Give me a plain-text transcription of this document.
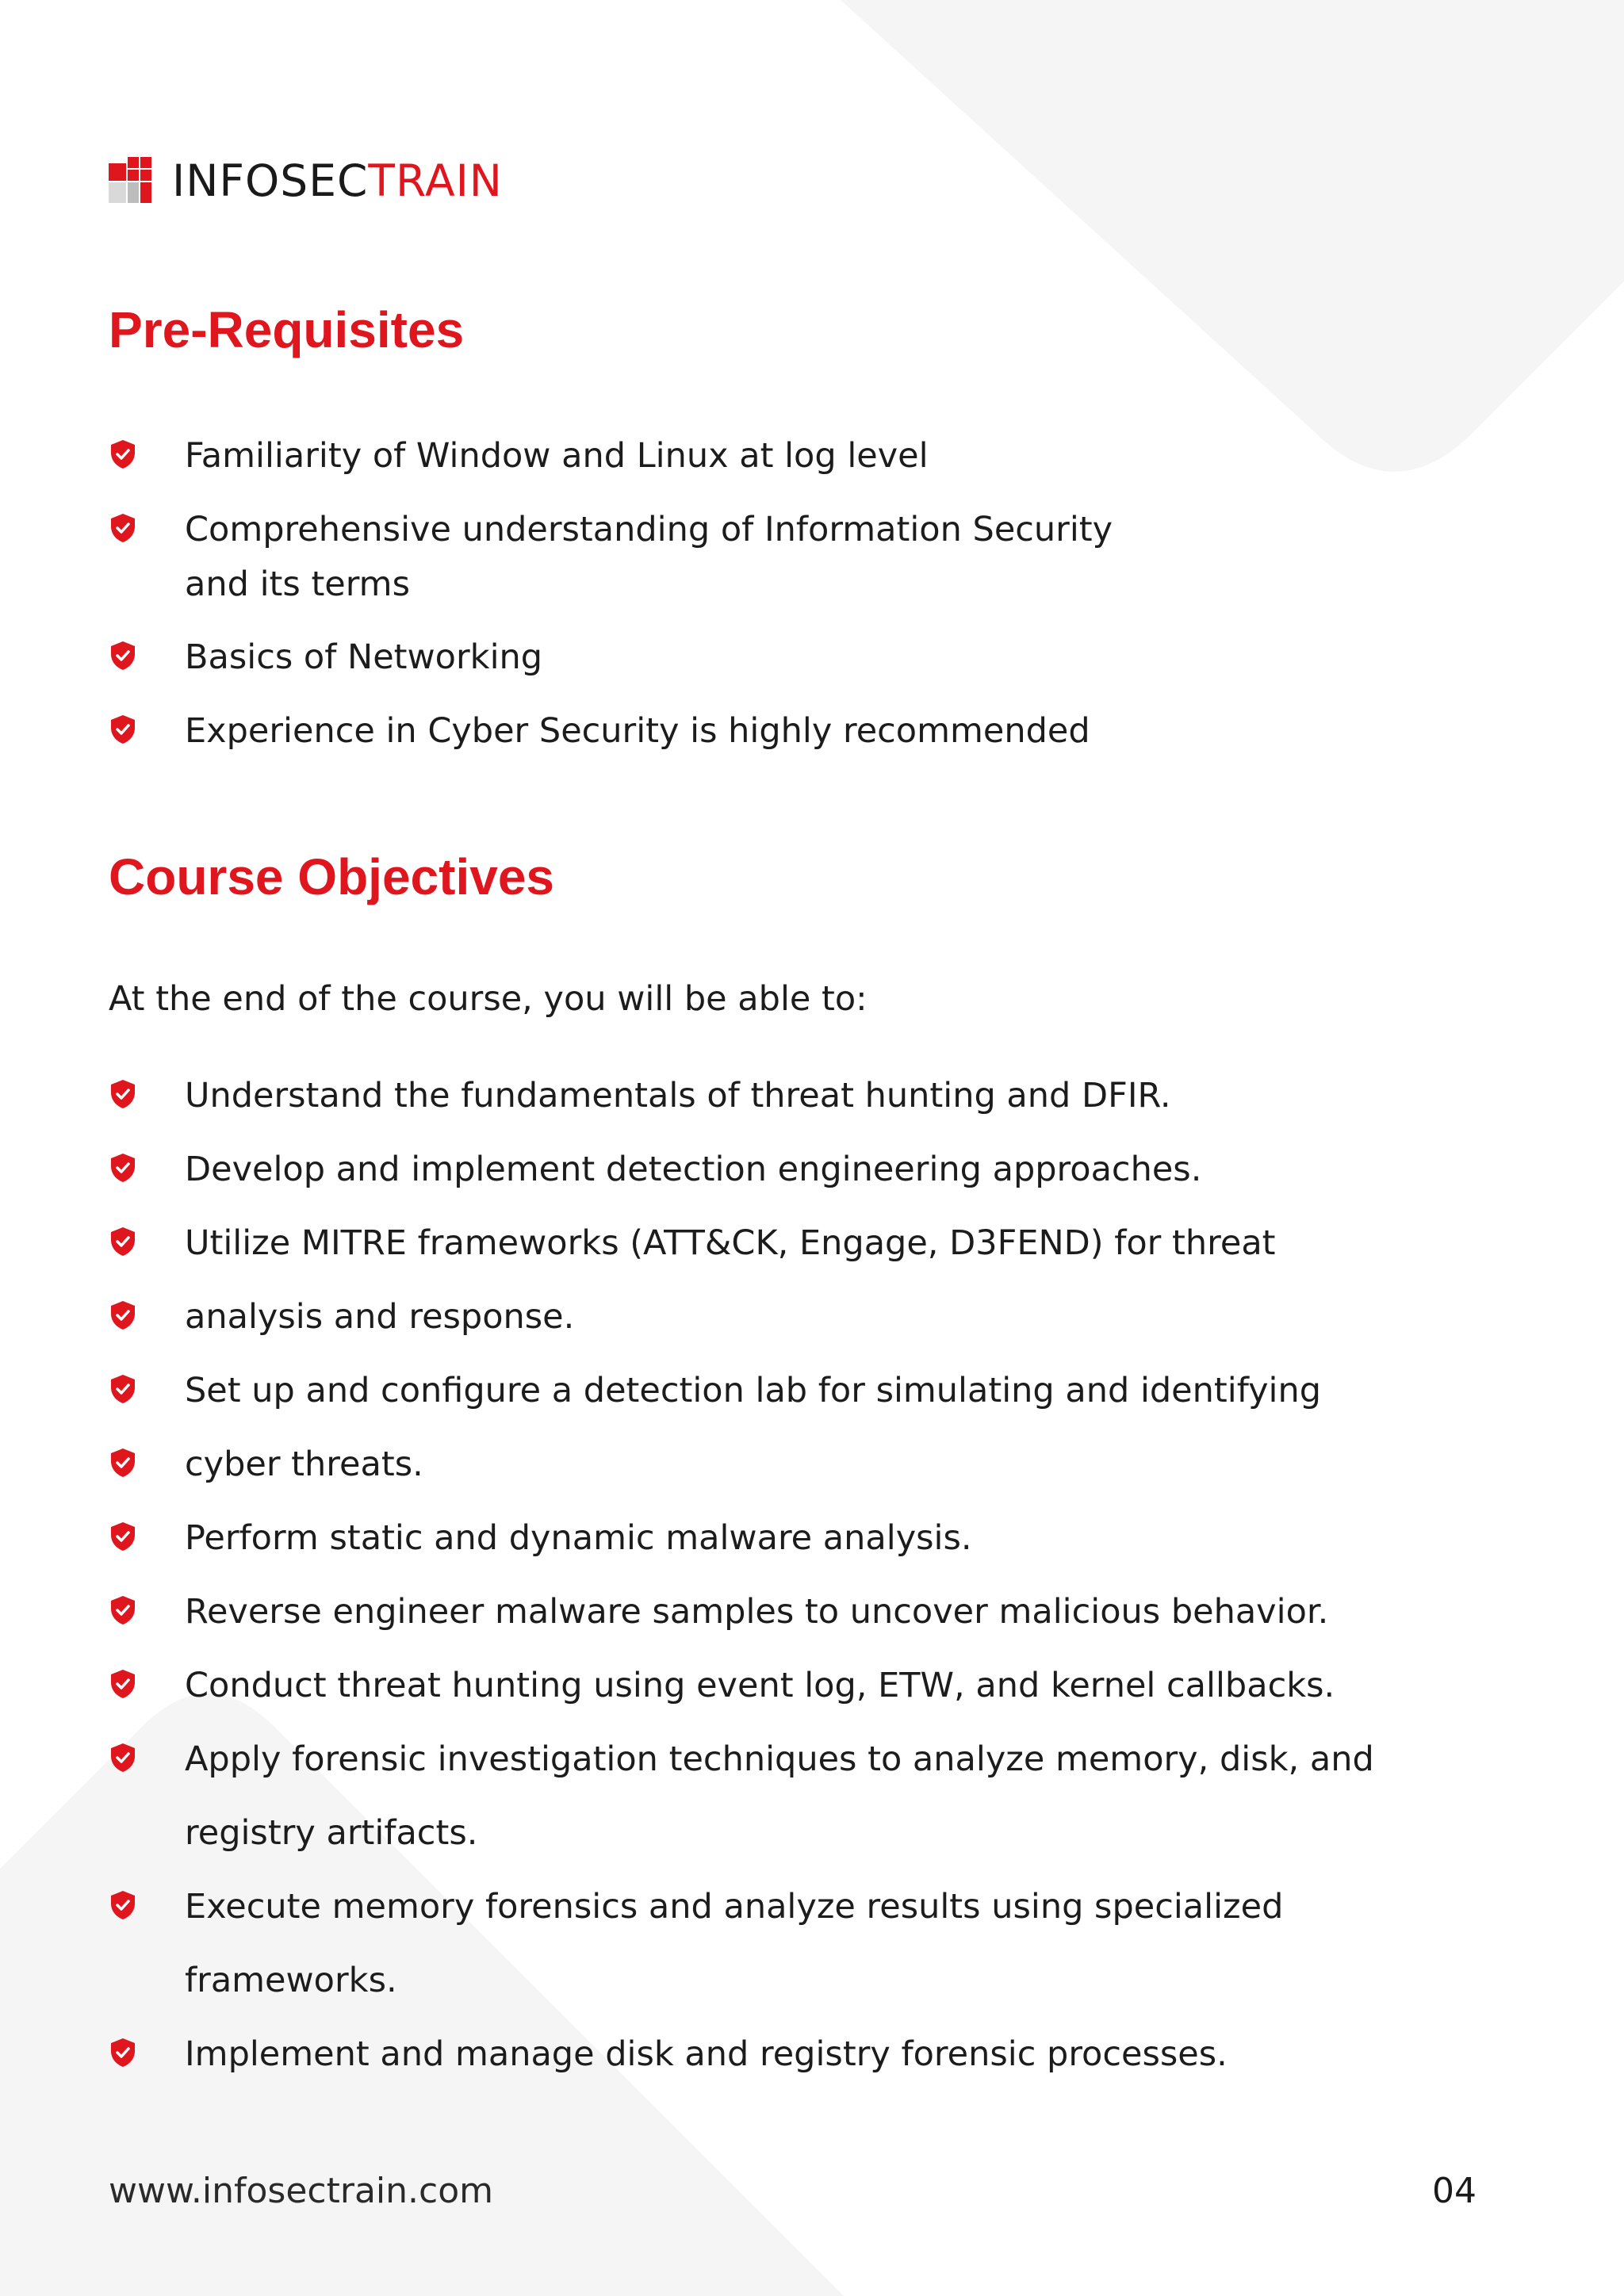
INFOSECTRAIN
Pre-Requisites
Familiarity of Window and Linux at log level
Comprehensive understanding of Information Security
and its terms
Basics of Networking
Experience in Cyber Security is highly recommended
Course Objectives

At the end of the course, you will be able to:

Understand the fundamentals of threat hunting and DFIR.
Develop and implement detection engineering approaches.
Utilize MITRE frameworks (ATT&CK, Engage, D3FEND) for threat
analysis and response.
Set up and configure a detection lab for simulating and identifying
cyber threats.
Perform static and dynamic malware analysis.
Reverse engineer malware samples to uncover malicious behavior.
Conduct threat hunting using event log, ETW, and kernel callbacks.
Apply forensic investigation techniques to analyze memory, disk, and
registry artifacts.
Execute memory forensics and analyze results using specialized
frameworks.
Implement and manage disk and registry forensic processes.
www.infosectrain.com	04
